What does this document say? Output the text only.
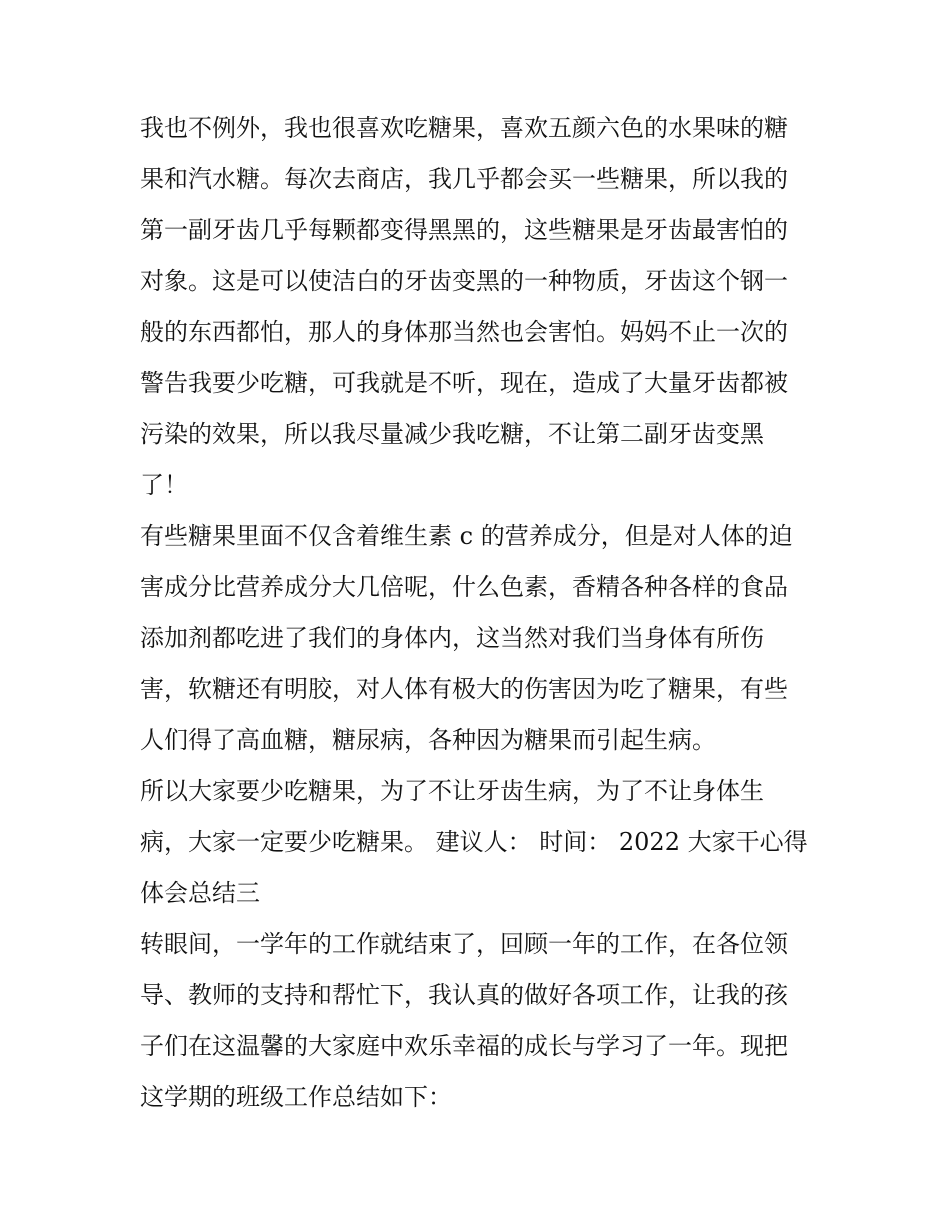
我也不例外，我也很喜欢吃糖果，喜欢五颜六色的水果味的糖
果和汽水糖。每次去商店，我几乎都会买一些糖果，所以我的
第一副牙齿几乎每颗都变得黑黑的，这些糖果是牙齿最害怕的
对象。这是可以使洁白的牙齿变黑的一种物质，牙齿这个钢一
般的东西都怕，那人的身体那当然也会害怕。妈妈不止一次的
警告我要少吃糖，可我就是不听，现在，造成了大量牙齿都被
污染的效果，所以我尽量减少我吃糖，不让第二副牙齿变黑
了！
有些糖果里面不仅含着维生素 c 的营养成分，但是对人体的迫
害成分比营养成分大几倍呢，什么色素，香精各种各样的食品
添加剂都吃进了我们的身体内，这当然对我们当身体有所伤
害，软糖还有明胶，对人体有极大的伤害因为吃了糖果，有些
人们得了高血糖，糖尿病，各种因为糖果而引起生病。
所以大家要少吃糖果，为了不让牙齿生病，为了不让身体生
病，大家一定要少吃糖果。 建议人： 时间： 2022 大家干心得
体会总结三
转眼间，一学年的工作就结束了，回顾一年的工作，在各位领
导、教师的支持和帮忙下，我认真的做好各项工作，让我的孩
子们在这温馨的大家庭中欢乐幸福的成长与学习了一年。现把
这学期的班级工作总结如下：
